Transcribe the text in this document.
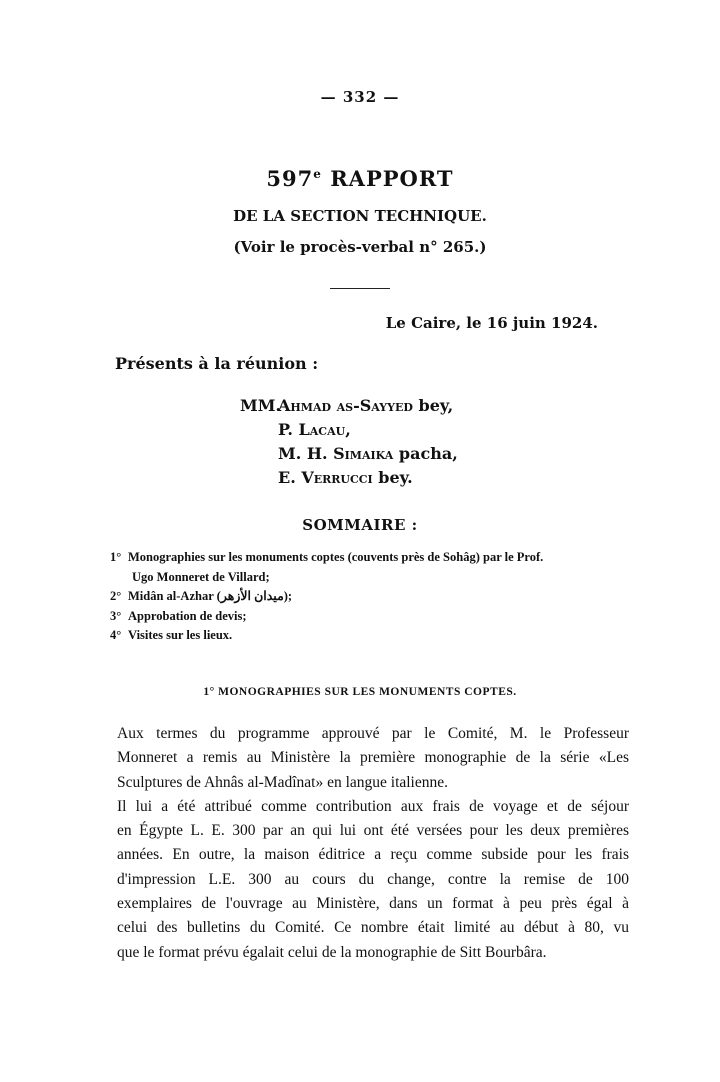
— 332 —
597e RAPPORT
DE LA SECTION TECHNIQUE.
(Voir le procès-verbal n° 265.)
Le Caire, le 16 juin 1924.
Présents à la réunion :
MM.Ahmad as-Sayyed bey,
P. Lacau,
M. H. Simaika pacha,
E. Verrucci bey.
SOMMAIRE :
1° Monographies sur les monuments coptes (couvents près de Sohâg) par le Prof.
Ugo Monneret de Villard;
2° Midân al-Azhar (ميدان الأزهر);
3° Approbation de devis;
4° Visites sur les lieux.
1° MONOGRAPHIES SUR LES MONUMENTS COPTES.

Aux termes du programme approuvé par le Comité, M. le Professeur
Monneret a remis au Ministère la première monographie de la série «Les
Sculptures de Ahnâs al-Madînat» en langue italienne.

Il lui a été attribué comme contribution aux frais de voyage et de séjour
en Égypte L. E. 300 par an qui lui ont été versées pour les deux premières
années. En outre, la maison éditrice a reçu comme subside pour les frais
d'impression L.E. 300 au cours du change, contre la remise de 100
exemplaires de l'ouvrage au Ministère, dans un format à peu près égal à
celui des bulletins du Comité. Ce nombre était limité au début à 80, vu
que le format prévu égalait celui de la monographie de Sitt Bourbâra.
